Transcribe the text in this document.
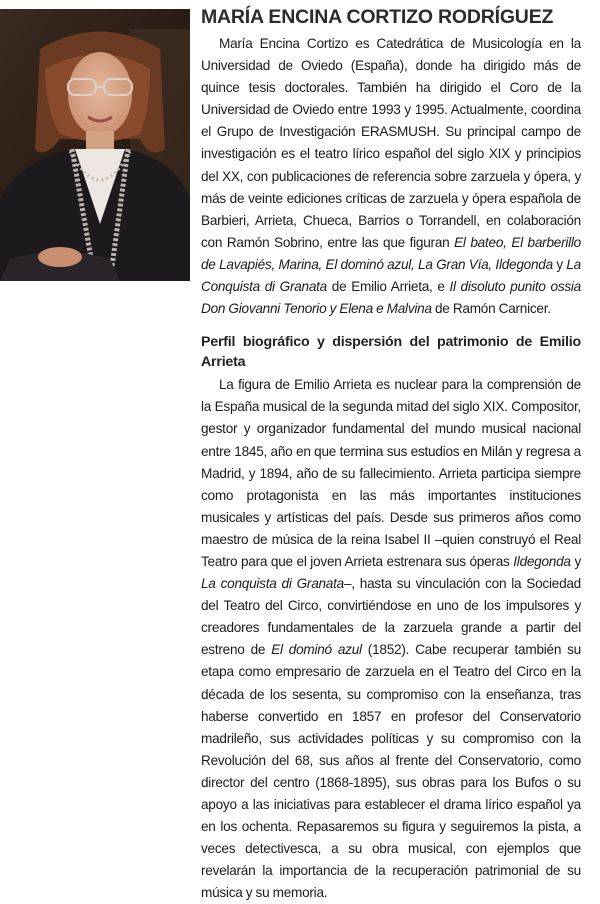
MARÍA ENCINA CORTIZO RODRÍGUEZ

María Encina Cortizo es Catedrática de Musicología en la Universidad de Oviedo (España), donde ha dirigido más de quince tesis doctorales. También ha dirigido el Coro de la Universidad de Oviedo entre 1993 y 1995. Actualmente, coordina el Grupo de Investigación ERASMUSH. Su principal campo de investigación es el teatro lírico español del siglo XIX y principios del XX, con publicaciones de referencia sobre zarzuela y ópera, y más de veinte ediciones críticas de zarzuela y ópera española de Barbieri, Arrieta, Chueca, Barrios o Torrandell, en colaboración con Ramón Sobrino, entre las que figuran El bateo, El barberillo de Lavapiés, Marina, El dominó azul, La Gran Vía, Ildegonda y La Conquista di Granata de Emilio Arrieta, e Il disoluto punito ossia Don Giovanni Tenorio y Elena e Malvina de Ramón Carnicer.

Perfil biográfico y dispersión del patrimonio de Emilio Arrieta

La figura de Emilio Arrieta es nuclear para la comprensión de la España musical de la segunda mitad del siglo XIX. Compositor, gestor y organizador fundamental del mundo musical nacional entre 1845, año en que termina sus estudios en Milán y regresa a Madrid, y 1894, año de su fallecimiento. Arrieta participa siempre como protagonista en las más importantes instituciones musicales y artísticas del país. Desde sus primeros años como maestro de música de la reina Isabel II –quien construyó el Real Teatro para que el joven Arrieta estrenara sus óperas Ildegonda y La conquista di Granata–, hasta su vinculación con la Sociedad del Teatro del Circo, convirtiéndose en uno de los impulsores y creadores fundamentales de la zarzuela grande a partir del estreno de El dominó azul (1852). Cabe recuperar también su etapa como empresario de zarzuela en el Teatro del Circo en la década de los sesenta, su compromiso con la enseñanza, tras haberse convertido en 1857 en profesor del Conservatorio madrileño, sus actividades políticas y su compromiso con la Revolución del 68, sus años al frente del Conservatorio, como director del centro (1868-1895), sus obras para los Bufos o su apoyo a las iniciativas para establecer el drama lírico español ya en los ochenta. Repasaremos su figura y seguiremos la pista, a veces detectivesca, a su obra musical, con ejemplos que revelarán la importancia de la recuperación patrimonial de su música y su memoria.
